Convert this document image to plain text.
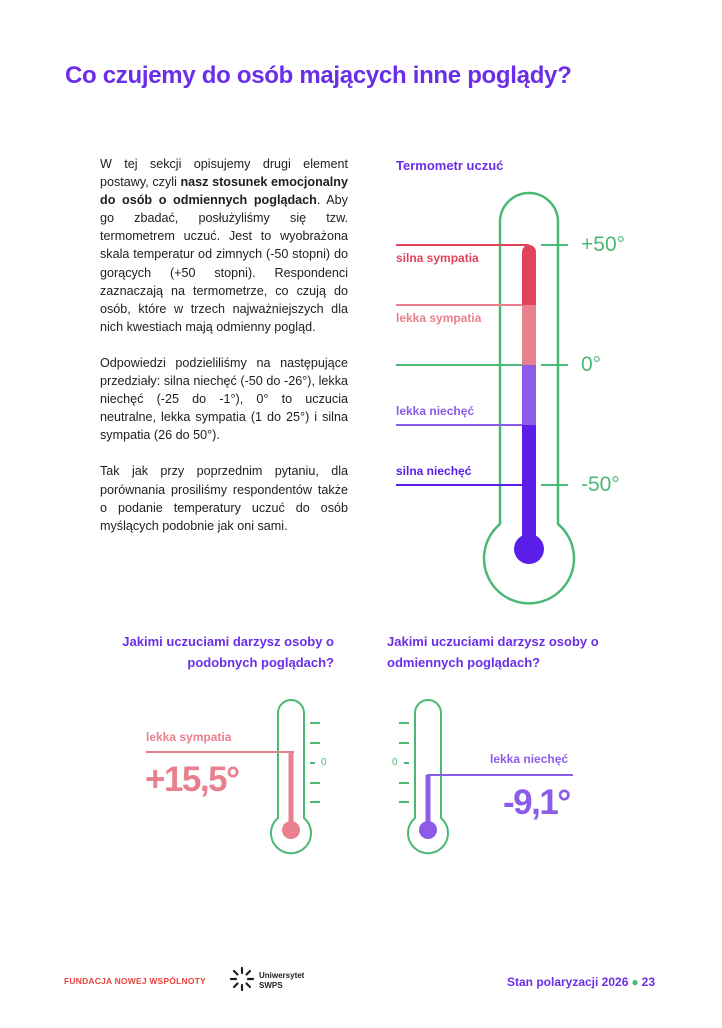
Co czujemy do osób mających inne poglądy?

W tej sekcji opisujemy drugi element postawy, czyli nasz stosunek emocjonalny do osób o odmiennych poglądach. Aby go zbadać, posłużyliśmy się tzw. termometrem uczuć. Jest to wyobrażona skala temperatur od zimnych (-50 stopni) do gorących (+50 stopni). Respondenci zaznaczają na termometrze, co czują do osób, które w trzech najważniejszych dla nich kwestiach mają odmienny pogląd.

Odpowiedzi podzieliliśmy na następujące przedziały: silna niechęć (-50 do -26°), lekka niechęć (-25 do -1°), 0° to uczucia neutralne, lekka sympatia (1 do 25°) i silna sympatia (26 do 50°).

Tak jak przy poprzednim pytaniu, dla porównania prosiliśmy respondentów także o podanie temperatury uczuć do osób myślących podobnie jak oni sami.

Termometr uczuć
silna sympatia
lekka sympatia
lekka niechęć
silna niechęć
+50°
0°
-50°
Jakimi uczuciami darzysz osoby o podobnych poglądach?
Jakimi uczuciami darzysz osoby o odmiennych poglądach?
lekka sympatia
+15,5°	0	lekka niechęć
-9,1°
0
FUNDACJA NOWEJ WSPÓLNOTY
Uniwersytet
SWPS	Stan polaryzacji 2026 ● 23
